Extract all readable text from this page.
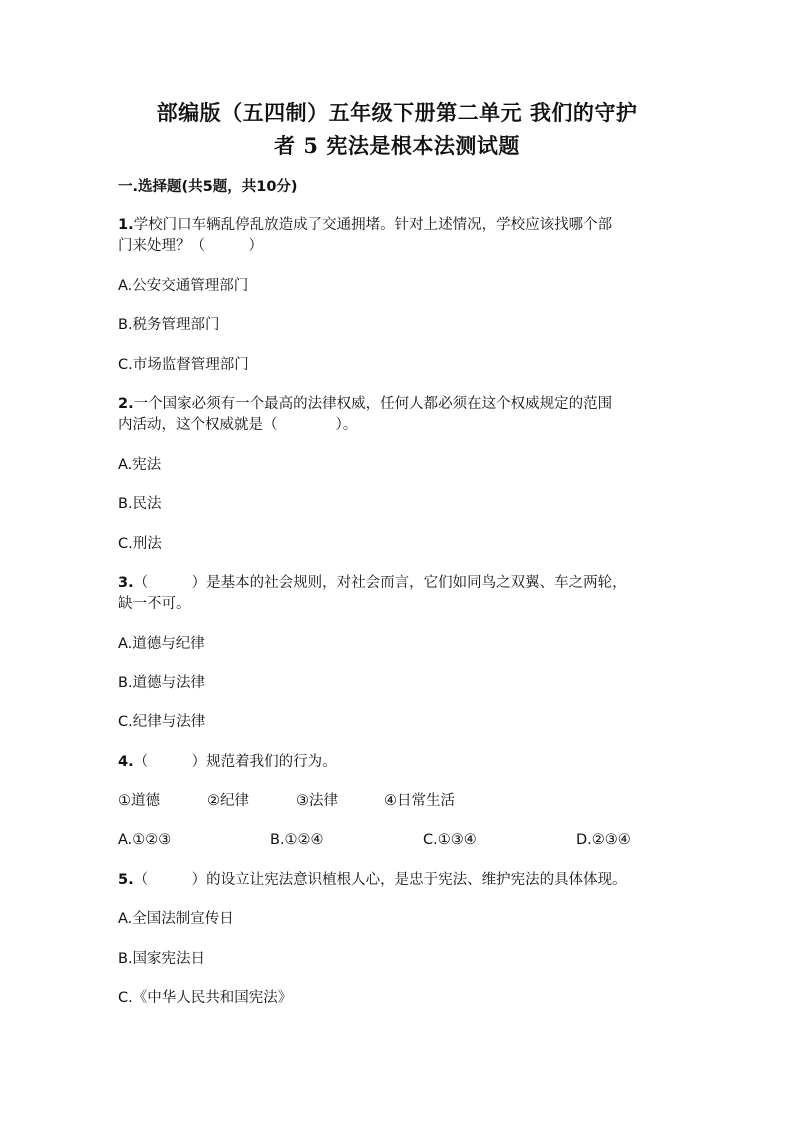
部编版（五四制）五年级下册第二单元 我们的守护
者 5 宪法是根本法测试题
一.选择题(共5题，共10分)
1.学校门口车辆乱停乱放造成了交通拥堵。针对上述情况，学校应该找哪个部
门来处理？（　　　）
A.公安交通管理部门
B.税务管理部门
C.市场监督管理部门
2.一个国家必须有一个最高的法律权威，任何人都必须在这个权威规定的范围
内活动，这个权威就是（　　　　）。
A.宪法
B.民法
C.刑法
3.（　　　）是基本的社会规则，对社会而言，它们如同鸟之双翼、车之两轮，
缺一不可。
A.道德与纪律
B.道德与法律
C.纪律与法律
4.（　　　）规范着我们的行为。
①道德	②纪律	③法律	④日常生活
A.①②③	B.①②④	C.①③④	D.②③④
5.（　　　）的设立让宪法意识植根人心，是忠于宪法、维护宪法的具体体现。
A.全国法制宣传日
B.国家宪法日
C.《中华人民共和国宪法》
